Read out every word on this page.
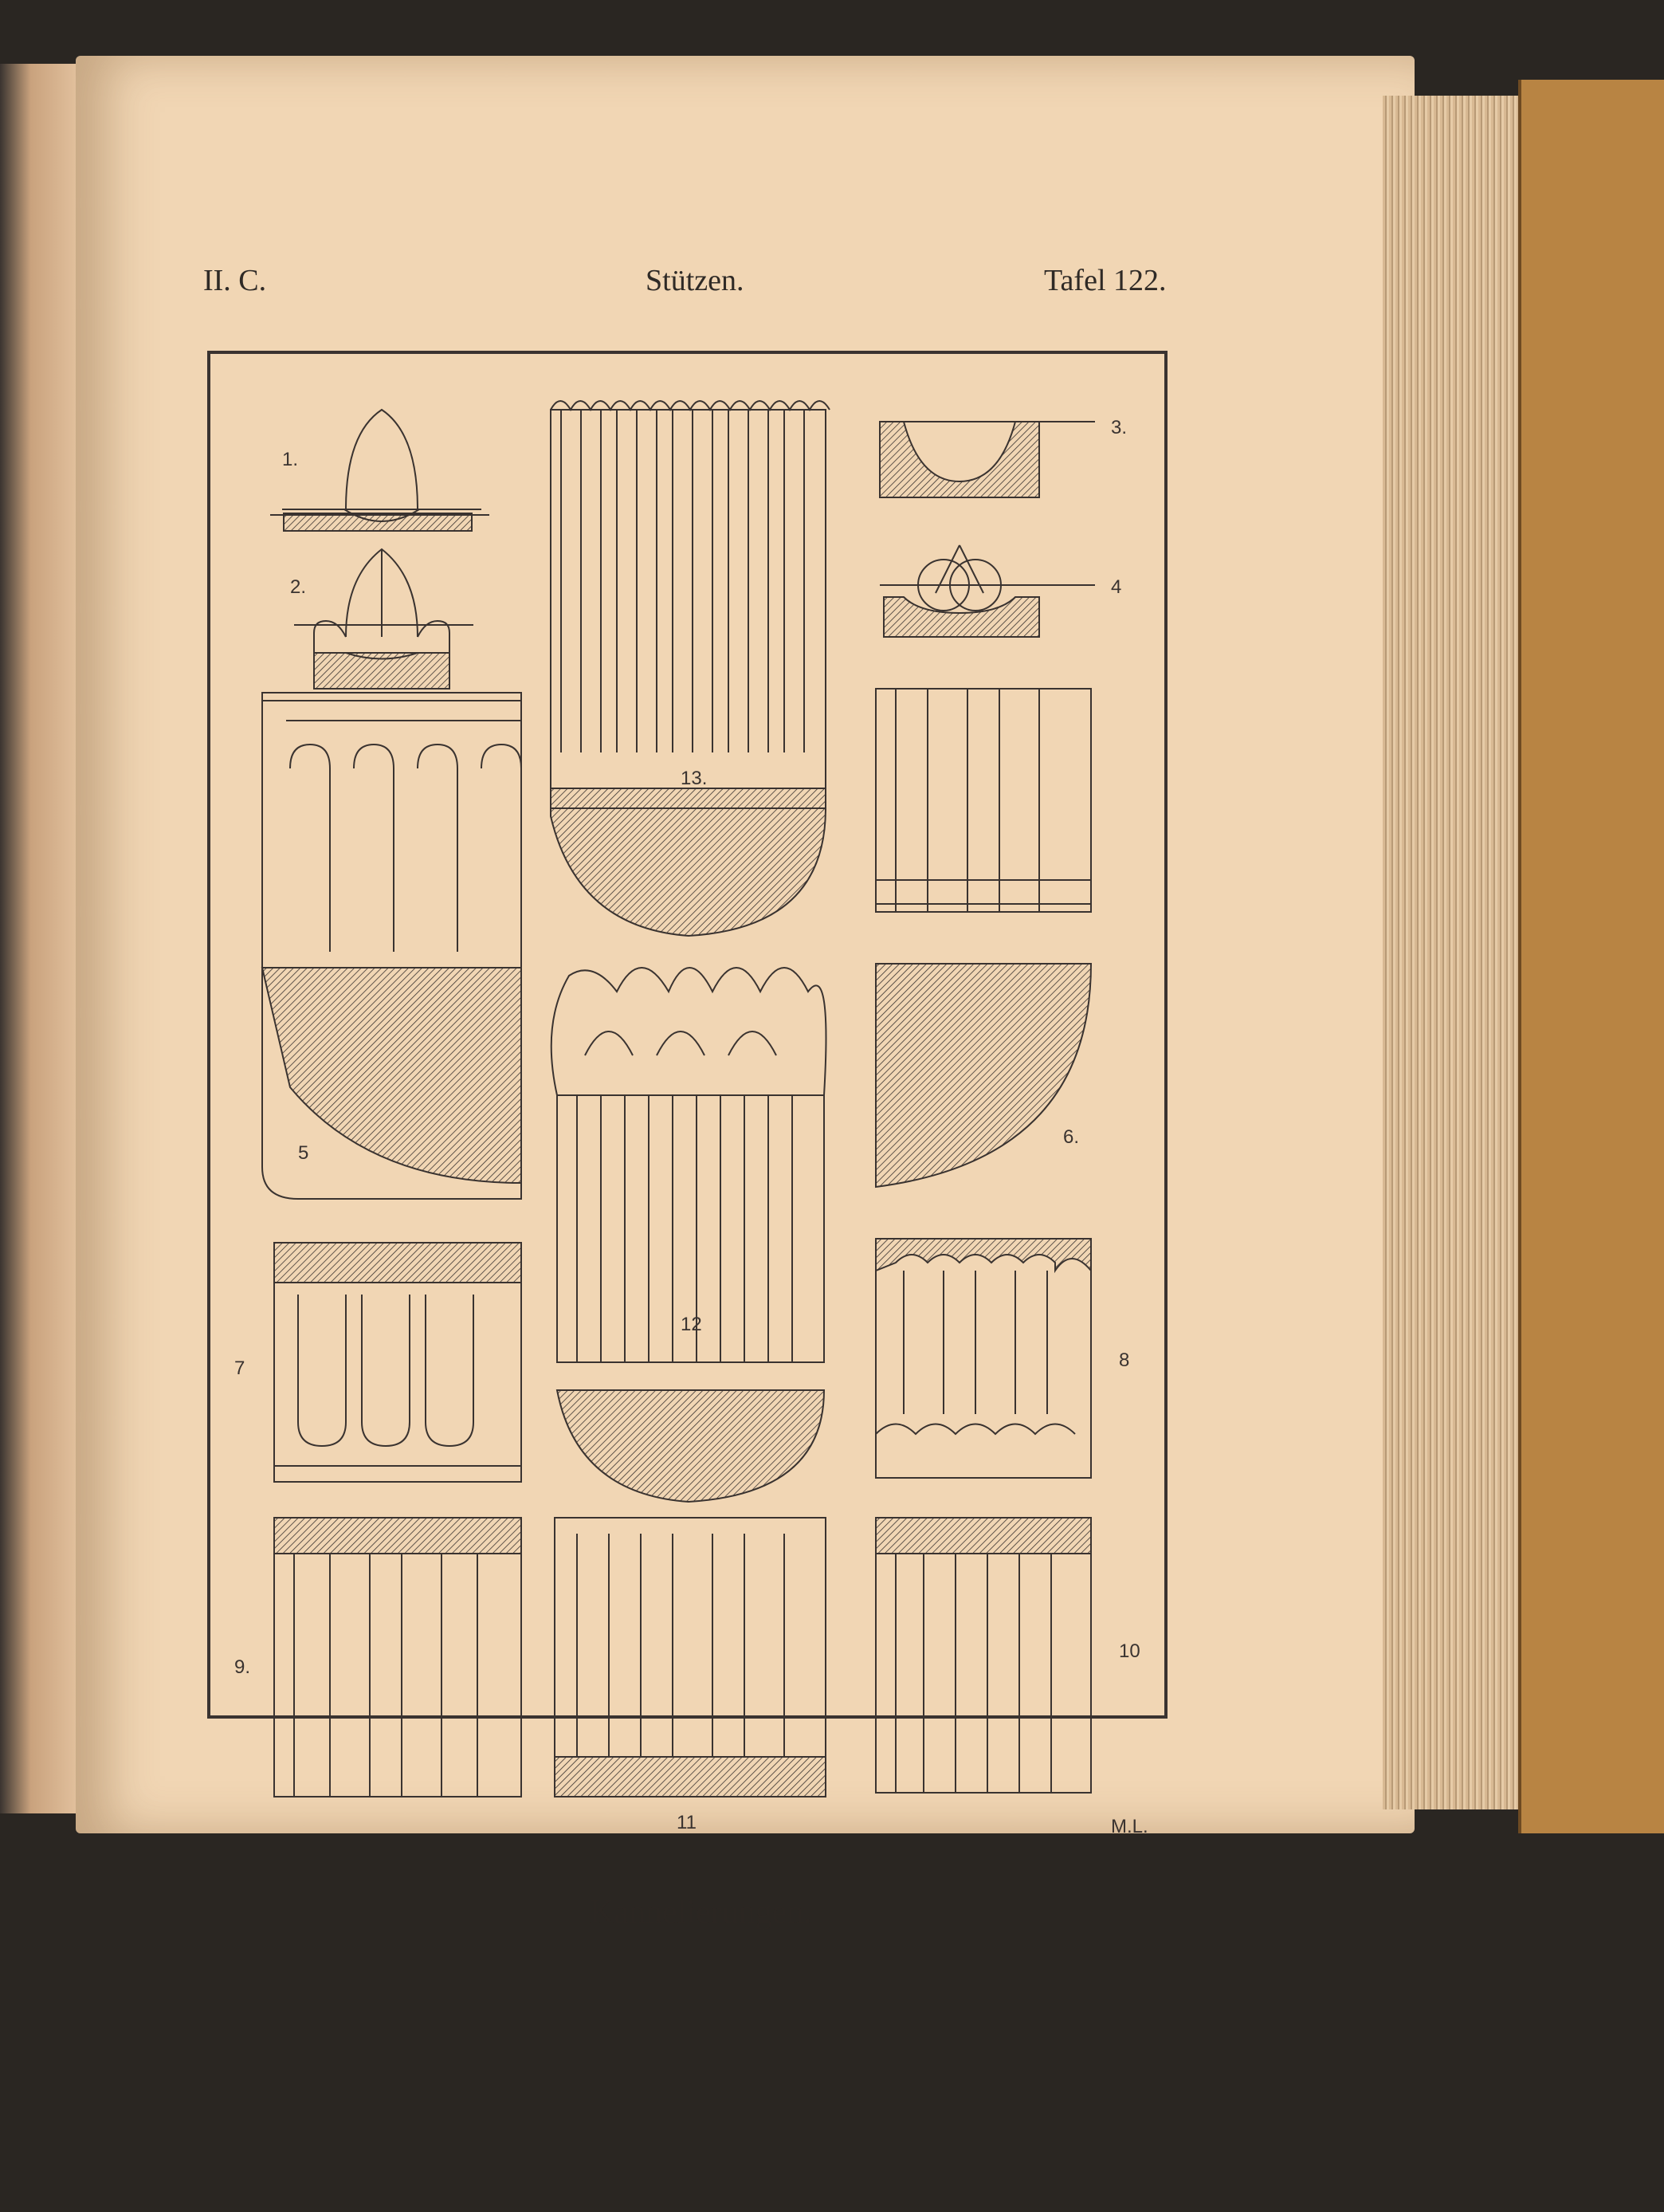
II. C.	Stützen.	Tafel 122.
1.
2.
3.
4
5
6.
7	8
9.
10
11
12
13.
M.L.
Kannelierungen.
